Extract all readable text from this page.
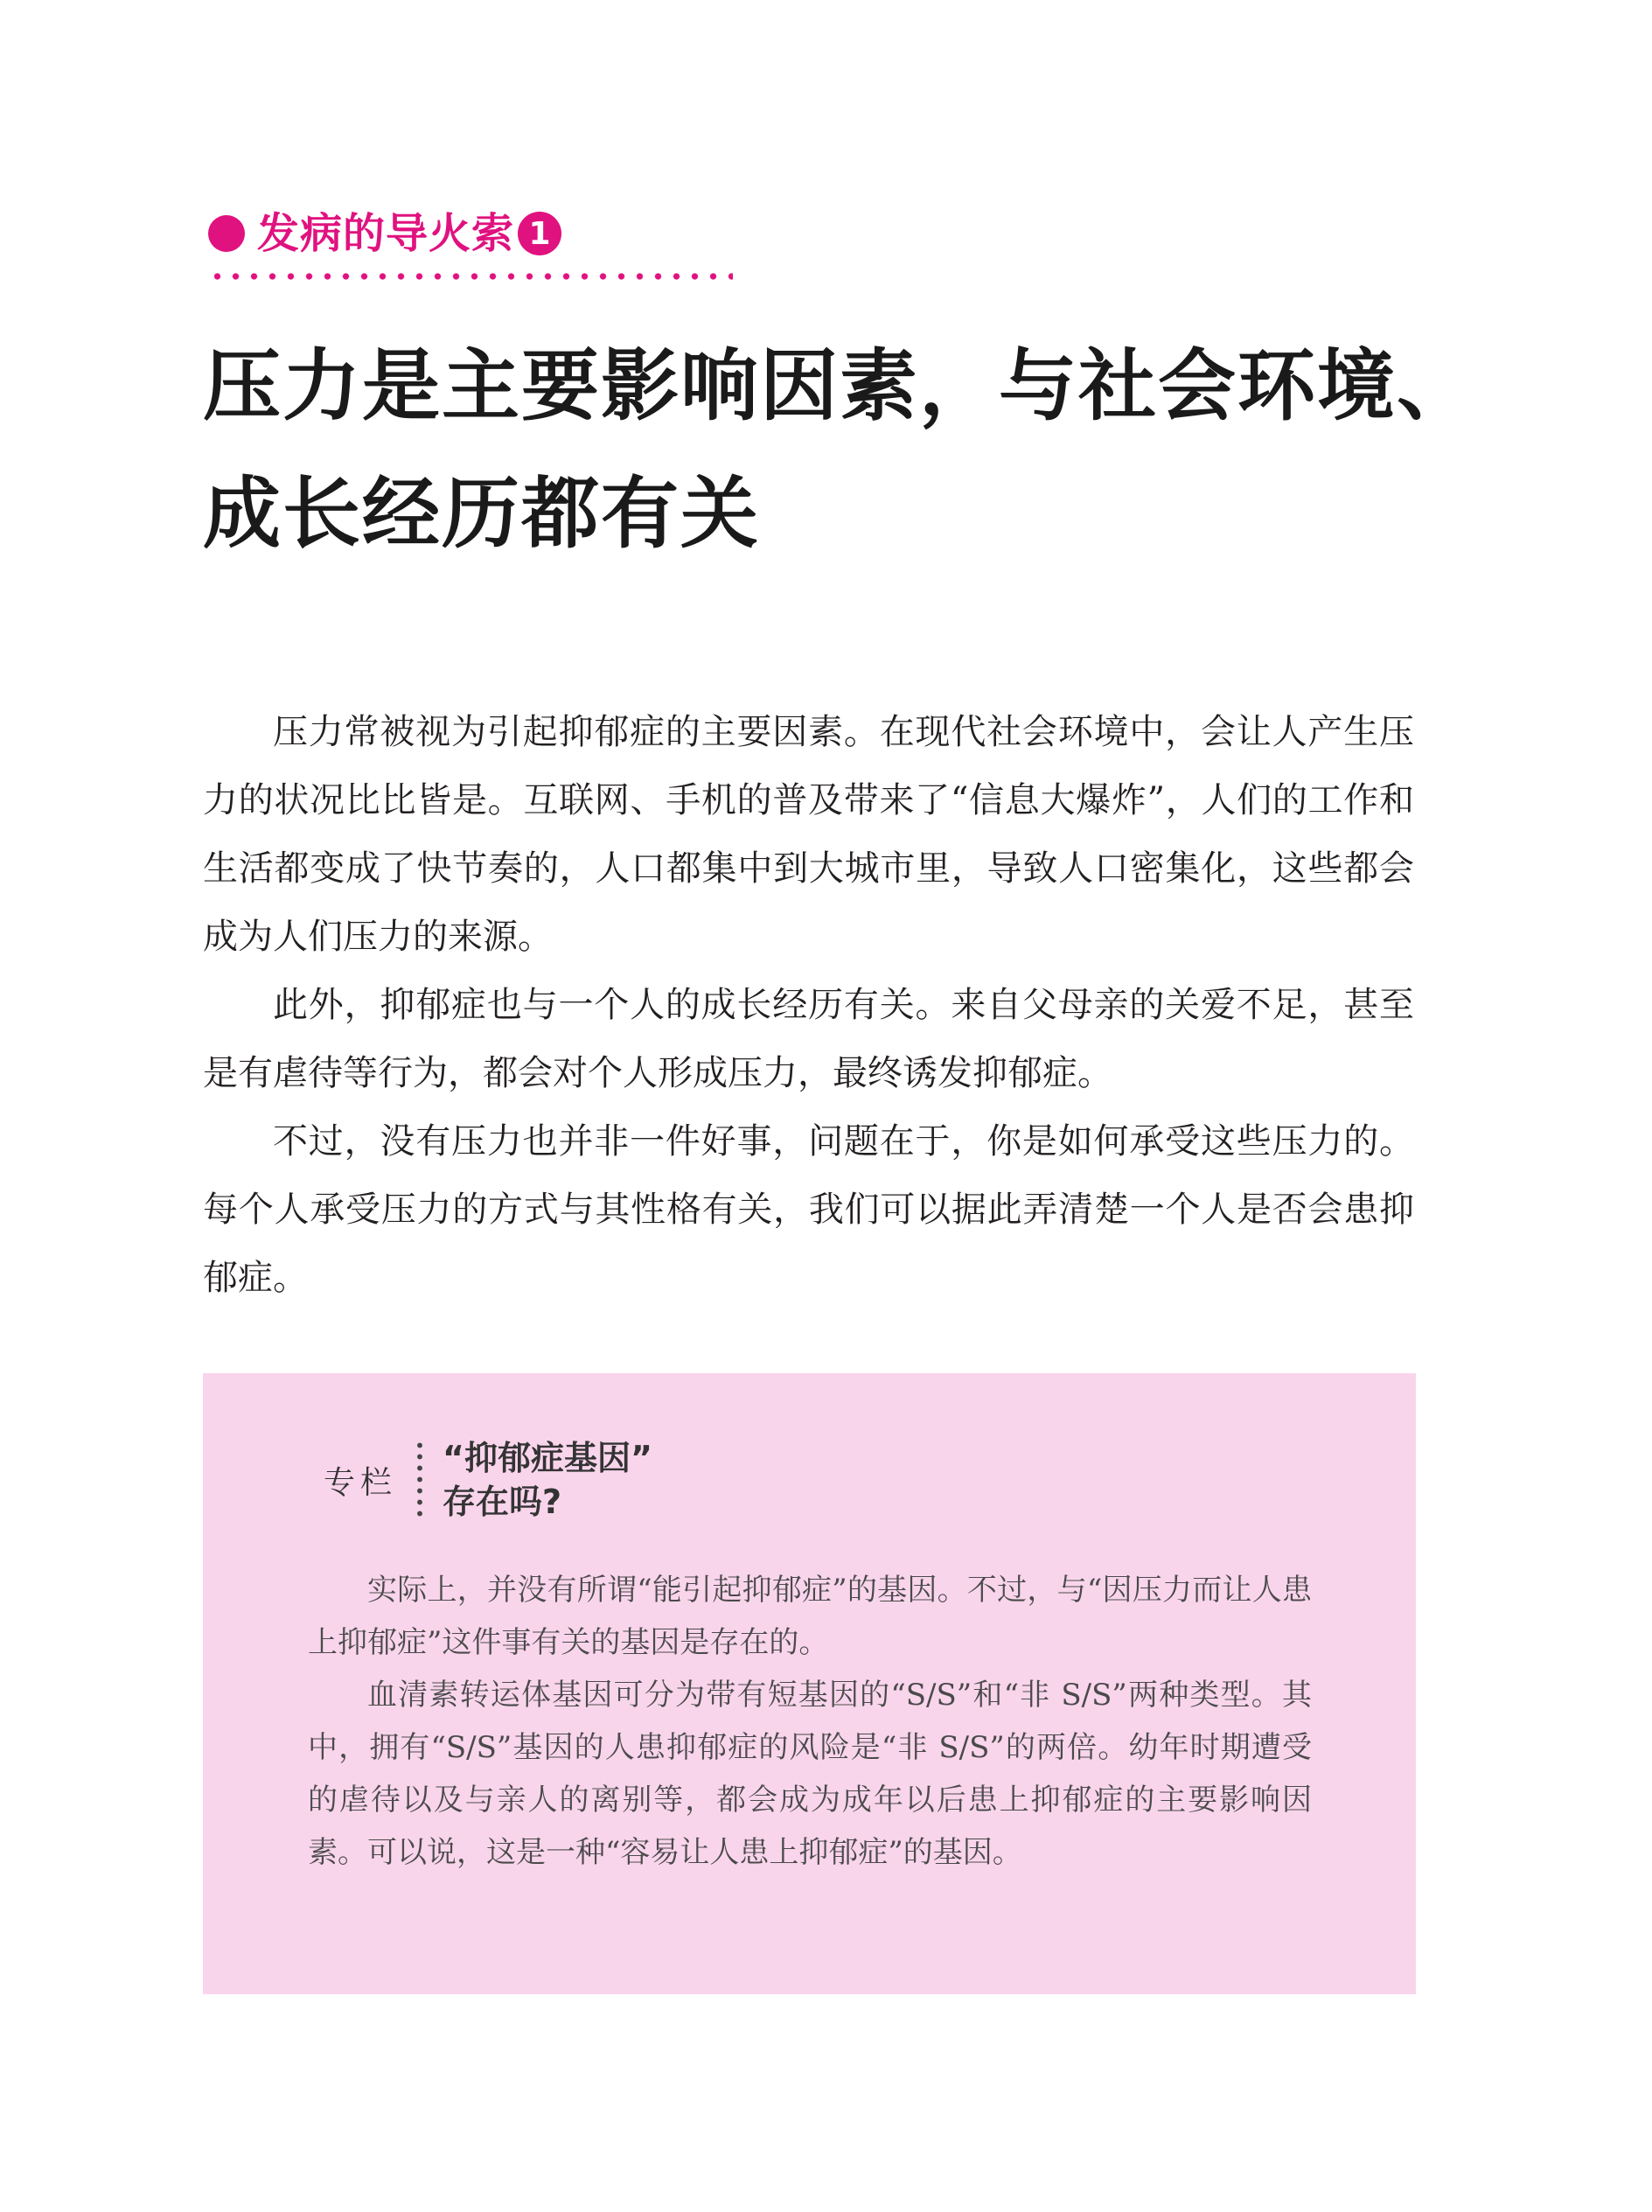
发病的导火索 1
压力是主要影响因素，与社会环境、
成长经历都有关

压力常被视为引起抑郁症的主要因素。在现代社会环境中，会让人产生压力的状况比比皆是。互联网、手机的普及带来了“信息大爆炸”，人们的工作和生活都变成了快节奏的，人口都集中到大城市里，导致人口密集化，这些都会成为人们压力的来源。

此外，抑郁症也与一个人的成长经历有关。来自父母亲的关爱不足，甚至是有虐待等行为，都会对个人形成压力，最终诱发抑郁症。

不过，没有压力也并非一件好事，问题在于，你是如何承受这些压力的。每个人承受压力的方式与其性格有关，我们可以据此弄清楚一个人是否会患抑郁症。

专栏
“抑郁症基因”
存在吗?

实际上，并没有所谓“能引起抑郁症”的基因。不过，与“因压力而让人患上抑郁症”这件事有关的基因是存在的。

血清素转运体基因可分为带有短基因的“S/S”和“非 S/S”两种类型。其中，拥有“S/S”基因的人患抑郁症的风险是“非 S/S”的两倍。幼年时期遭受的虐待以及与亲人的离别等，都会成为成年以后患上抑郁症的主要影响因素。可以说，这是一种“容易让人患上抑郁症”的基因。
